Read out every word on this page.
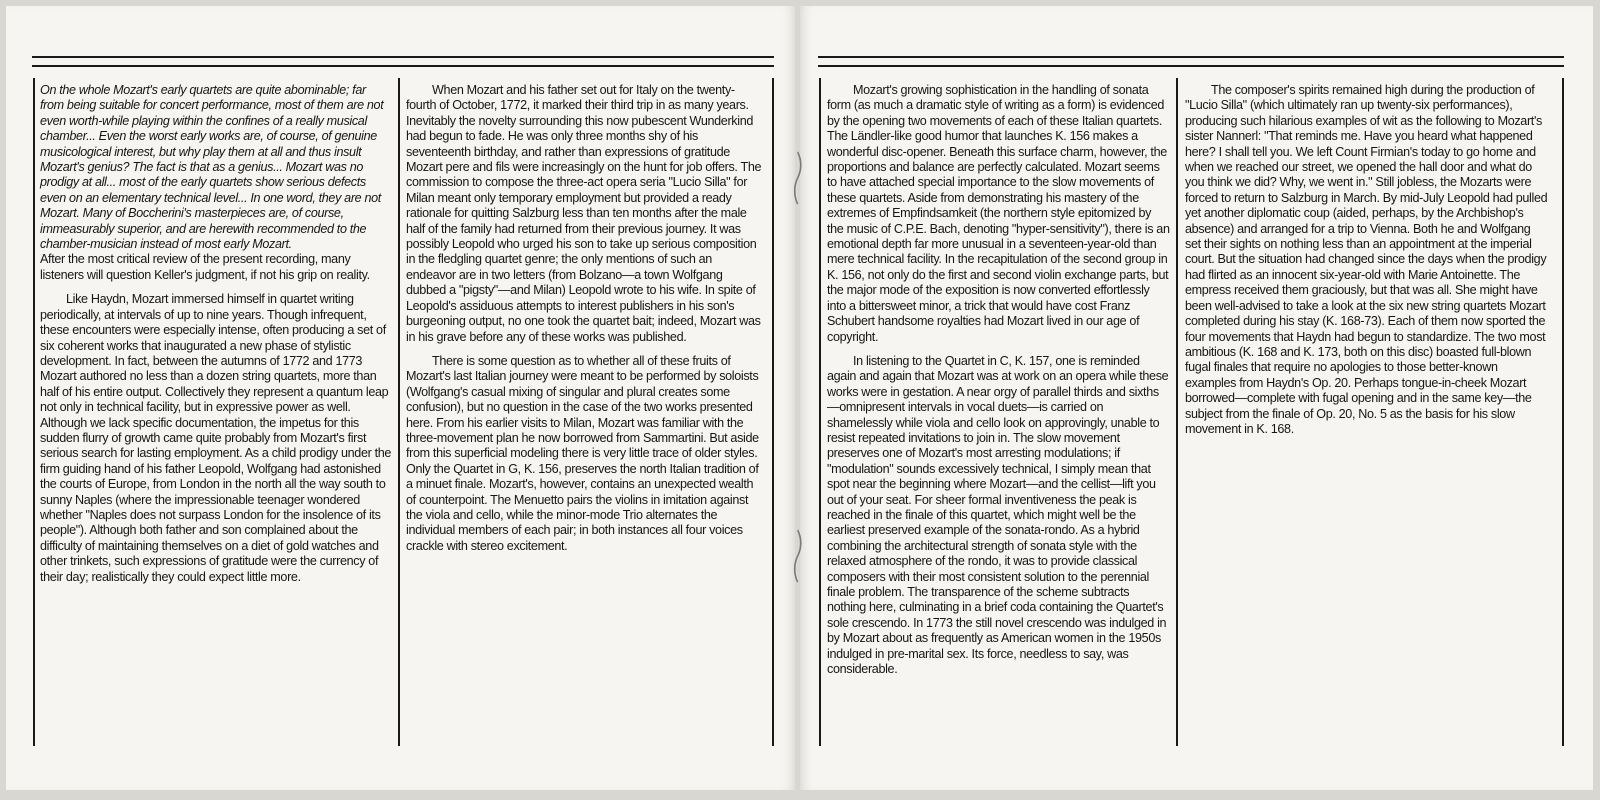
On the whole Mozart's early quartets are quite abominable; far from being suitable for concert performance, most of them are not even worth-while playing within the confines of a really musical chamber... Even the worst early works are, of course, of genuine musicological interest, but why play them at all and thus insult Mozart's genius? The fact is that as a genius... Mozart was no prodigy at all... most of the early quartets show serious defects even on an elementary technical level... In one word, they are not Mozart. Many of Boccherini's masterpieces are, of course, immeasurably superior, and are herewith recommended to the chamber-musician instead of most early Mozart.

After the most critical review of the present recording, many listeners will question Keller's judgment, if not his grip on reality.

Like Haydn, Mozart immersed himself in quartet writing periodically, at intervals of up to nine years. Though infrequent, these encounters were especially intense, often producing a set of six coherent works that inaugurated a new phase of stylistic development. In fact, between the autumns of 1772 and 1773 Mozart authored no less than a dozen string quartets, more than half of his entire output. Collectively they represent a quantum leap not only in technical facility, but in expressive power as well. Although we lack specific documentation, the impetus for this sudden flurry of growth came quite probably from Mozart's first serious search for lasting employment. As a child prodigy under the firm guiding hand of his father Leopold, Wolfgang had astonished the courts of Europe, from London in the north all the way south to sunny Naples (where the impressionable teenager wondered whether "Naples does not surpass London for the insolence of its people"). Although both father and son complained about the difficulty of maintaining themselves on a diet of gold watches and other trinkets, such expressions of gratitude were the currency of their day; realistically they could expect little more.

When Mozart and his father set out for Italy on the twenty-fourth of October, 1772, it marked their third trip in as many years. Inevitably the novelty surrounding this now pubescent Wunderkind had begun to fade. He was only three months shy of his seventeenth birthday, and rather than expressions of gratitude Mozart pere and fils were increasingly on the hunt for job offers. The commission to compose the three-act opera seria "Lucio Silla" for Milan meant only temporary employment but provided a ready rationale for quitting Salzburg less than ten months after the male half of the family had returned from their previous journey. It was possibly Leopold who urged his son to take up serious composition in the fledgling quartet genre; the only mentions of such an endeavor are in two letters (from Bolzano—a town Wolfgang dubbed a "pigsty"—and Milan) Leopold wrote to his wife. In spite of Leopold's assiduous attempts to interest publishers in his son's burgeoning output, no one took the quartet bait; indeed, Mozart was in his grave before any of these works was published.

There is some question as to whether all of these fruits of Mozart's last Italian journey were meant to be performed by soloists (Wolfgang's casual mixing of singular and plural creates some confusion), but no question in the case of the two works presented here. From his earlier visits to Milan, Mozart was familiar with the three-movement plan he now borrowed from Sammartini. But aside from this superficial modeling there is very little trace of older styles. Only the Quartet in G, K. 156, preserves the north Italian tradition of a minuet finale. Mozart's, however, contains an unexpected wealth of counterpoint. The Menuetto pairs the violins in imitation against the viola and cello, while the minor-mode Trio alternates the individual members of each pair; in both instances all four voices crackle with stereo excitement.

Mozart's growing sophistication in the handling of sonata form (as much a dramatic style of writing as a form) is evidenced by the opening two movements of each of these Italian quartets. The Ländler-like good humor that launches K. 156 makes a wonderful disc-opener. Beneath this surface charm, however, the proportions and balance are perfectly calculated. Mozart seems to have attached special importance to the slow movements of these quartets. Aside from demonstrating his mastery of the extremes of Empfindsamkeit (the northern style epitomized by the music of C.P.E. Bach, denoting "hyper-sensitivity"), there is an emotional depth far more unusual in a seventeen-year-old than mere technical facility. In the recapitulation of the second group in K. 156, not only do the first and second violin exchange parts, but the major mode of the exposition is now converted effortlessly into a bittersweet minor, a trick that would have cost Franz Schubert handsome royalties had Mozart lived in our age of copyright.

In listening to the Quartet in C, K. 157, one is reminded again and again that Mozart was at work on an opera while these works were in gestation. A near orgy of parallel thirds and sixths—omnipresent intervals in vocal duets—is carried on shamelessly while viola and cello look on approvingly, unable to resist repeated invitations to join in. The slow movement preserves one of Mozart's most arresting modulations; if "modulation" sounds excessively technical, I simply mean that spot near the beginning where Mozart—and the cellist—lift you out of your seat. For sheer formal inventiveness the peak is reached in the finale of this quartet, which might well be the earliest preserved example of the sonata-rondo. As a hybrid combining the architectural strength of sonata style with the relaxed atmosphere of the rondo, it was to provide classical composers with their most consistent solution to the perennial finale problem. The transparence of the scheme subtracts nothing here, culminating in a brief coda containing the Quartet's sole crescendo. In 1773 the still novel crescendo was indulged in by Mozart about as frequently as American women in the 1950s indulged in pre-marital sex. Its force, needless to say, was considerable.

The composer's spirits remained high during the production of "Lucio Silla" (which ultimately ran up twenty-six performances), producing such hilarious examples of wit as the following to Mozart's sister Nannerl: "That reminds me. Have you heard what happened here? I shall tell you. We left Count Firmian's today to go home and when we reached our street, we opened the hall door and what do you think we did? Why, we went in." Still jobless, the Mozarts were forced to return to Salzburg in March. By mid-July Leopold had pulled yet another diplomatic coup (aided, perhaps, by the Archbishop's absence) and arranged for a trip to Vienna. Both he and Wolfgang set their sights on nothing less than an appointment at the imperial court. But the situation had changed since the days when the prodigy had flirted as an innocent six-year-old with Marie Antoinette. The empress received them graciously, but that was all. She might have been well-advised to take a look at the six new string quartets Mozart completed during his stay (K. 168-73). Each of them now sported the four movements that Haydn had begun to standardize. The two most ambitious (K. 168 and K. 173, both on this disc) boasted full-blown fugal finales that require no apologies to those better-known examples from Haydn's Op. 20. Perhaps tongue-in-cheek Mozart borrowed—complete with fugal opening and in the same key—the subject from the finale of Op. 20, No. 5 as the basis for his slow movement in K. 168.
